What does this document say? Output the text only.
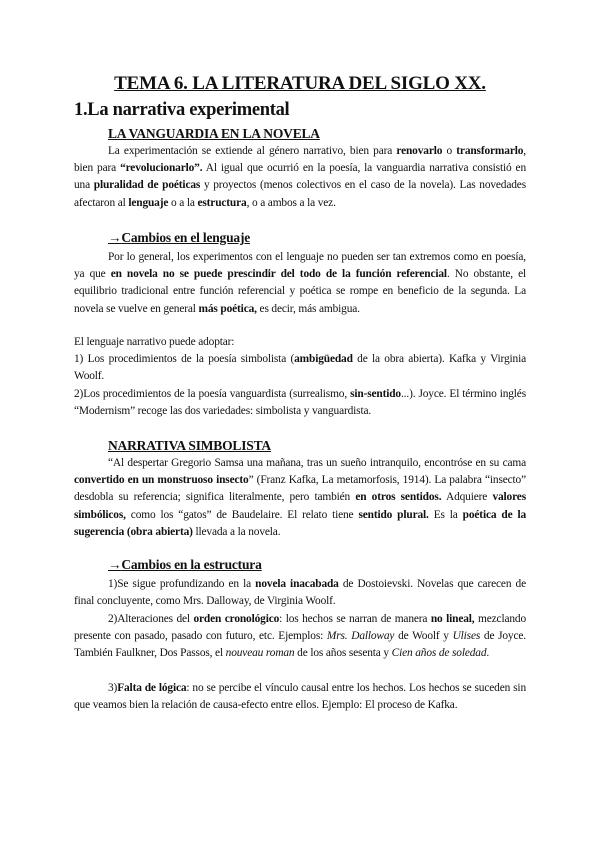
TEMA 6. LA LITERATURA DEL SIGLO XX.
1.La narrativa experimental
LA VANGUARDIA EN LA NOVELA
La experimentación se extiende al género narrativo, bien para renovarlo o transformarlo, bien para “revolucionarlo”. Al igual que ocurrió en la poesía, la vanguardia narrativa consistió en una pluralidad de poéticas y proyectos (menos colectivos en el caso de la novela). Las novedades afectaron al lenguaje o a la estructura, o a ambos a la vez.
→Cambios en el lenguaje
Por lo general, los experimentos con el lenguaje no pueden ser tan extremos como en poesía, ya que en novela no se puede prescindir del todo de la función referencial. No obstante, el equilibrio tradicional entre función referencial y poética se rompe en beneficio de la segunda. La novela se vuelve en general más poética, es decir, más ambigua.
El lenguaje narrativo puede adoptar:
1) Los procedimientos de la poesía simbolista (ambigüedad de la obra abierta). Kafka y Virginia Woolf.
2)Los procedimientos de la poesía vanguardista (surrealismo, sin-sentido...). Joyce. El término inglés “Modernism” recoge las dos variedades: simbolista y vanguardista.
NARRATIVA SIMBOLISTA
“Al despertar Gregorio Samsa una mañana, tras un sueño intranquilo, encontróse en su cama convertido en un monstruoso insecto” (Franz Kafka, La metamorfosis, 1914). La palabra “insecto” desdobla su referencia; significa literalmente, pero también en otros sentidos. Adquiere valores simbólicos, como los “gatos” de Baudelaire. El relato tiene sentido plural. Es la poética de la sugerencia (obra abierta) llevada a la novela.
→Cambios en la estructura
1)Se sigue profundizando en la novela inacabada de Dostoievski. Novelas que carecen de final concluyente, como Mrs. Dalloway, de Virginia Woolf.
2)Alteraciones del orden cronológico: los hechos se narran de manera no lineal, mezclando presente con pasado, pasado con futuro, etc. Ejemplos: Mrs. Dalloway de Woolf y Ulises de Joyce. También Faulkner, Dos Passos, el nouveau roman de los años sesenta y Cien años de soledad.
3)Falta de lógica: no se percibe el vínculo causal entre los hechos. Los hechos se suceden sin que veamos bien la relación de causa-efecto entre ellos. Ejemplo: El proceso de Kafka.
